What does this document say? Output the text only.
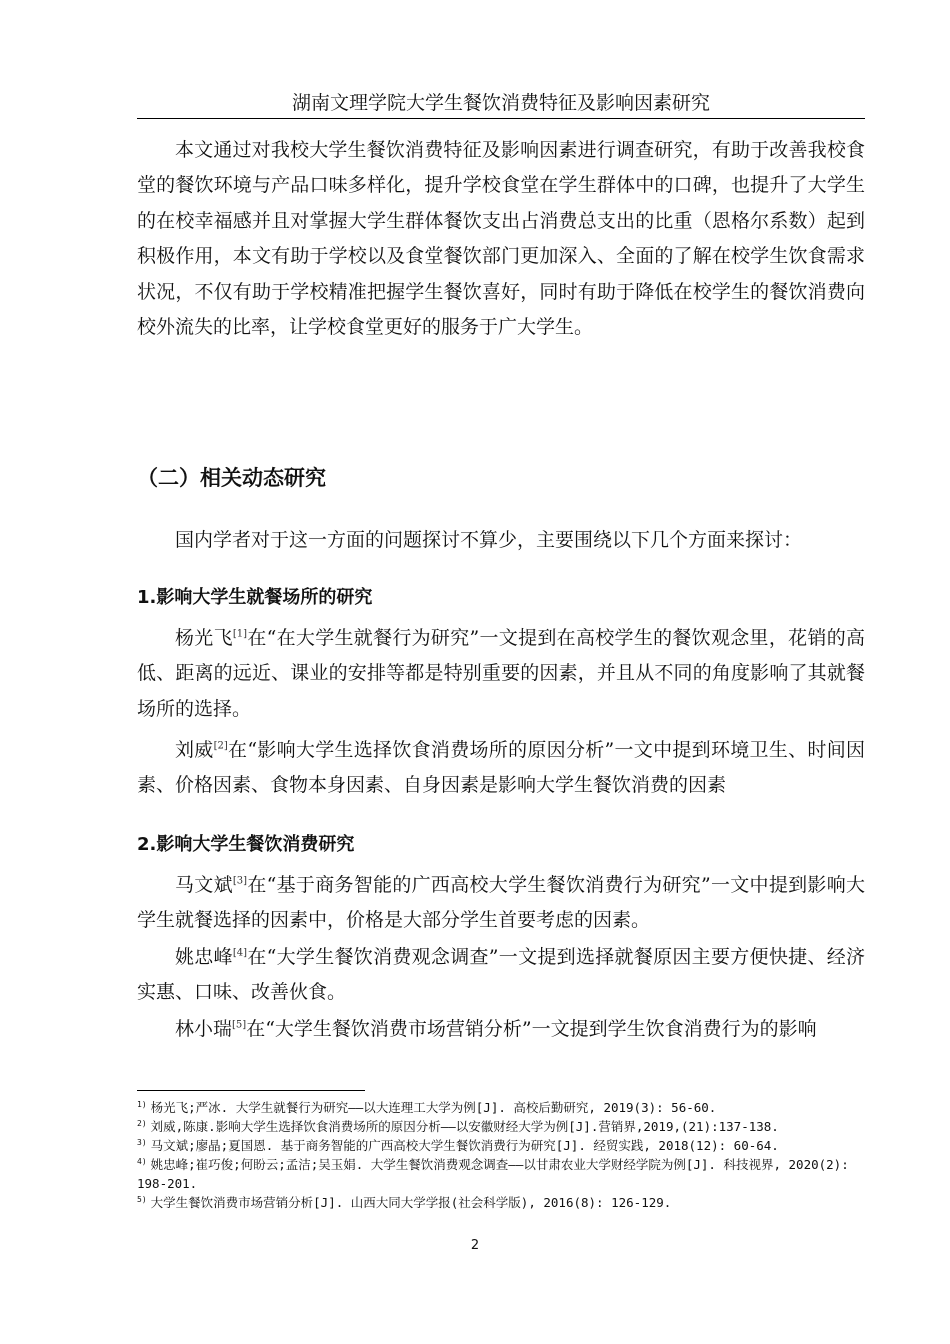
湖南文理学院大学生餐饮消费特征及影响因素研究

本文通过对我校大学生餐饮消费特征及影响因素进行调查研究，有助于改善我校食堂的餐饮环境与产品口味多样化，提升学校食堂在学生群体中的口碑，也提升了大学生的在校幸福感并且对掌握大学生群体餐饮支出占消费总支出的比重（恩格尔系数）起到积极作用，本文有助于学校以及食堂餐饮部门更加深入、全面的了解在校学生饮食需求状况，不仅有助于学校精准把握学生餐饮喜好，同时有助于降低在校学生的餐饮消费向校外流失的比率，让学校食堂更好的服务于广大学生。

（二）相关动态研究

国内学者对于这一方面的问题探讨不算少，主要围绕以下几个方面来探讨：

1.影响大学生就餐场所的研究

杨光飞[1]在“在大学生就餐行为研究”一文提到在高校学生的餐饮观念里，花销的高低、距离的远近、课业的安排等都是特别重要的因素，并且从不同的角度影响了其就餐场所的选择。

刘威[2]在“影响大学生选择饮食消费场所的原因分析”一文中提到环境卫生、时间因素、价格因素、食物本身因素、自身因素是影响大学生餐饮消费的因素

2.影响大学生餐饮消费研究

马文斌[3]在“基于商务智能的广西高校大学生餐饮消费行为研究”一文中提到影响大学生就餐选择的因素中，价格是大部分学生首要考虑的因素。

姚忠峰[4]在“大学生餐饮消费观念调查”一文提到选择就餐原因主要方便快捷、经济实惠、口味、改善伙食。

林小瑞[5]在“大学生餐饮消费市场营销分析”一文提到学生饮食消费行为的影响

$^{1)}$ 杨光飞;严冰. 大学生就餐行为研究——以大连理工大学为例[J]. 高校后勤研究, 2019(3): 56-60.

$^{2)}$ 刘威,陈康.影响大学生选择饮食消费场所的原因分析——以安徽财经大学为例[J].营销界,2019,(21):137-138.

$^{3)}$ 马文斌;廖晶;夏国恩. 基于商务智能的广西高校大学生餐饮消费行为研究[J]. 经贸实践, 2018(12): 60-64.

$^{4)}$ 姚忠峰;崔巧俊;何盼云;孟洁;吴玉娟. 大学生餐饮消费观念调查——以甘肃农业大学财经学院为例[J]. 科技视界, 2020(2): 198-201.

$^{5)}$ 大学生餐饮消费市场营销分析[J]. 山西大同大学学报(社会科学版), 2016(8): 126-129.

2
